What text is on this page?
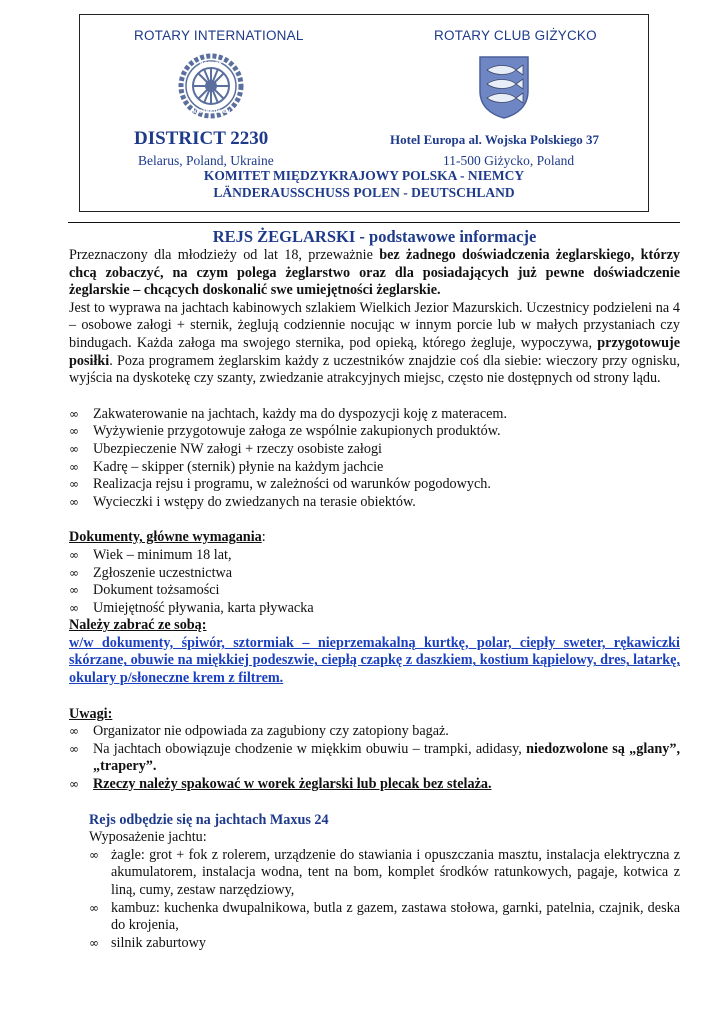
ROTARY INTERNATIONAL	ROTARY CLUB GIŻYCKO
ROTARY
INTERNATIONAL
DISTRICT 2230	Hotel Europa al. Wojska Polskiego 37
Belarus, Poland, Ukraine	11-500 Giżycko, Poland
KOMITET MIĘDZYKRAJOWY POLSKA - NIEMCY
LÄNDERAUSSCHUSS POLEN - DEUTSCHLAND

REJS ŻEGLARSKI - podstawowe informacje

Przeznaczony dla młodzieży od lat 18, przeważnie bez żadnego doświadczenia żeglarskiego, którzy chcą zobaczyć, na czym polega żeglarstwo oraz dla posiadających już pewne doświadczenie żeglarskie – chcących doskonalić swe umiejętności żeglarskie.

Jest to wyprawa na jachtach kabinowych szlakiem Wielkich Jezior Mazurskich. Uczestnicy podzieleni na 4 – osobowe załogi + sternik, żeglują codziennie nocując w innym porcie lub w małych przystaniach czy bindugach. Każda załoga ma swojego sternika, pod opieką, którego żegluje, wypoczywa, przygotowuje posiłki. Poza programem żeglarskim każdy z uczestników znajdzie coś dla siebie: wieczory przy ognisku, wyjścia na dyskotekę czy szanty, zwiedzanie atrakcyjnych miejsc, często nie dostępnych od strony lądu.

∞ Zakwaterowanie na jachtach, każdy ma do dyspozycji koję z materacem.
∞ Wyżywienie przygotowuje załoga ze wspólnie zakupionych produktów.
∞ Ubezpieczenie NW załogi + rzeczy osobiste załogi
∞ Kadrę – skipper (sternik) płynie na każdym jachcie
∞ Realizacja rejsu i programu, w zależności od warunków pogodowych.
∞ Wycieczki i wstępy do zwiedzanych na terasie obiektów.

Dokumenty, główne wymagania:

∞ Wiek – minimum 18 lat,
∞ Zgłoszenie uczestnictwa
∞ Dokument tożsamości
∞ Umiejętność pływania, karta pływacka

Należy zabrać ze sobą:

w/w dokumenty, śpiwór, sztormiak – nieprzemakalną kurtkę, polar, ciepły sweter, rękawiczki skórzane, obuwie na miękkiej podeszwie, ciepłą czapkę z daszkiem, kostium kąpielowy, dres, latarkę, okulary p/słoneczne krem z filtrem.

Uwagi:

∞ Organizator nie odpowiada za zagubiony czy zatopiony bagaż.
∞ Na jachtach obowiązuje chodzenie w miękkim obuwiu – trampki, adidasy, niedozwolone są „glany”, „trapery”.
∞ Rzeczy należy spakować w worek żeglarski lub plecak bez stelaża.

Rejs odbędzie się na jachtach Maxus 24

Wyposażenie jachtu:

∞ żagle: grot + fok z rolerem, urządzenie do stawiania i opuszczania masztu, instalacja elektryczna z akumulatorem, instalacja wodna, tent na bom, komplet środków ratunkowych, pagaje, kotwica z liną, cumy, zestaw narzędziowy,
∞ kambuz: kuchenka dwupalnikowa, butla z gazem, zastawa stołowa, garnki, patelnia, czajnik, deska do krojenia,
∞ silnik zaburtowy
